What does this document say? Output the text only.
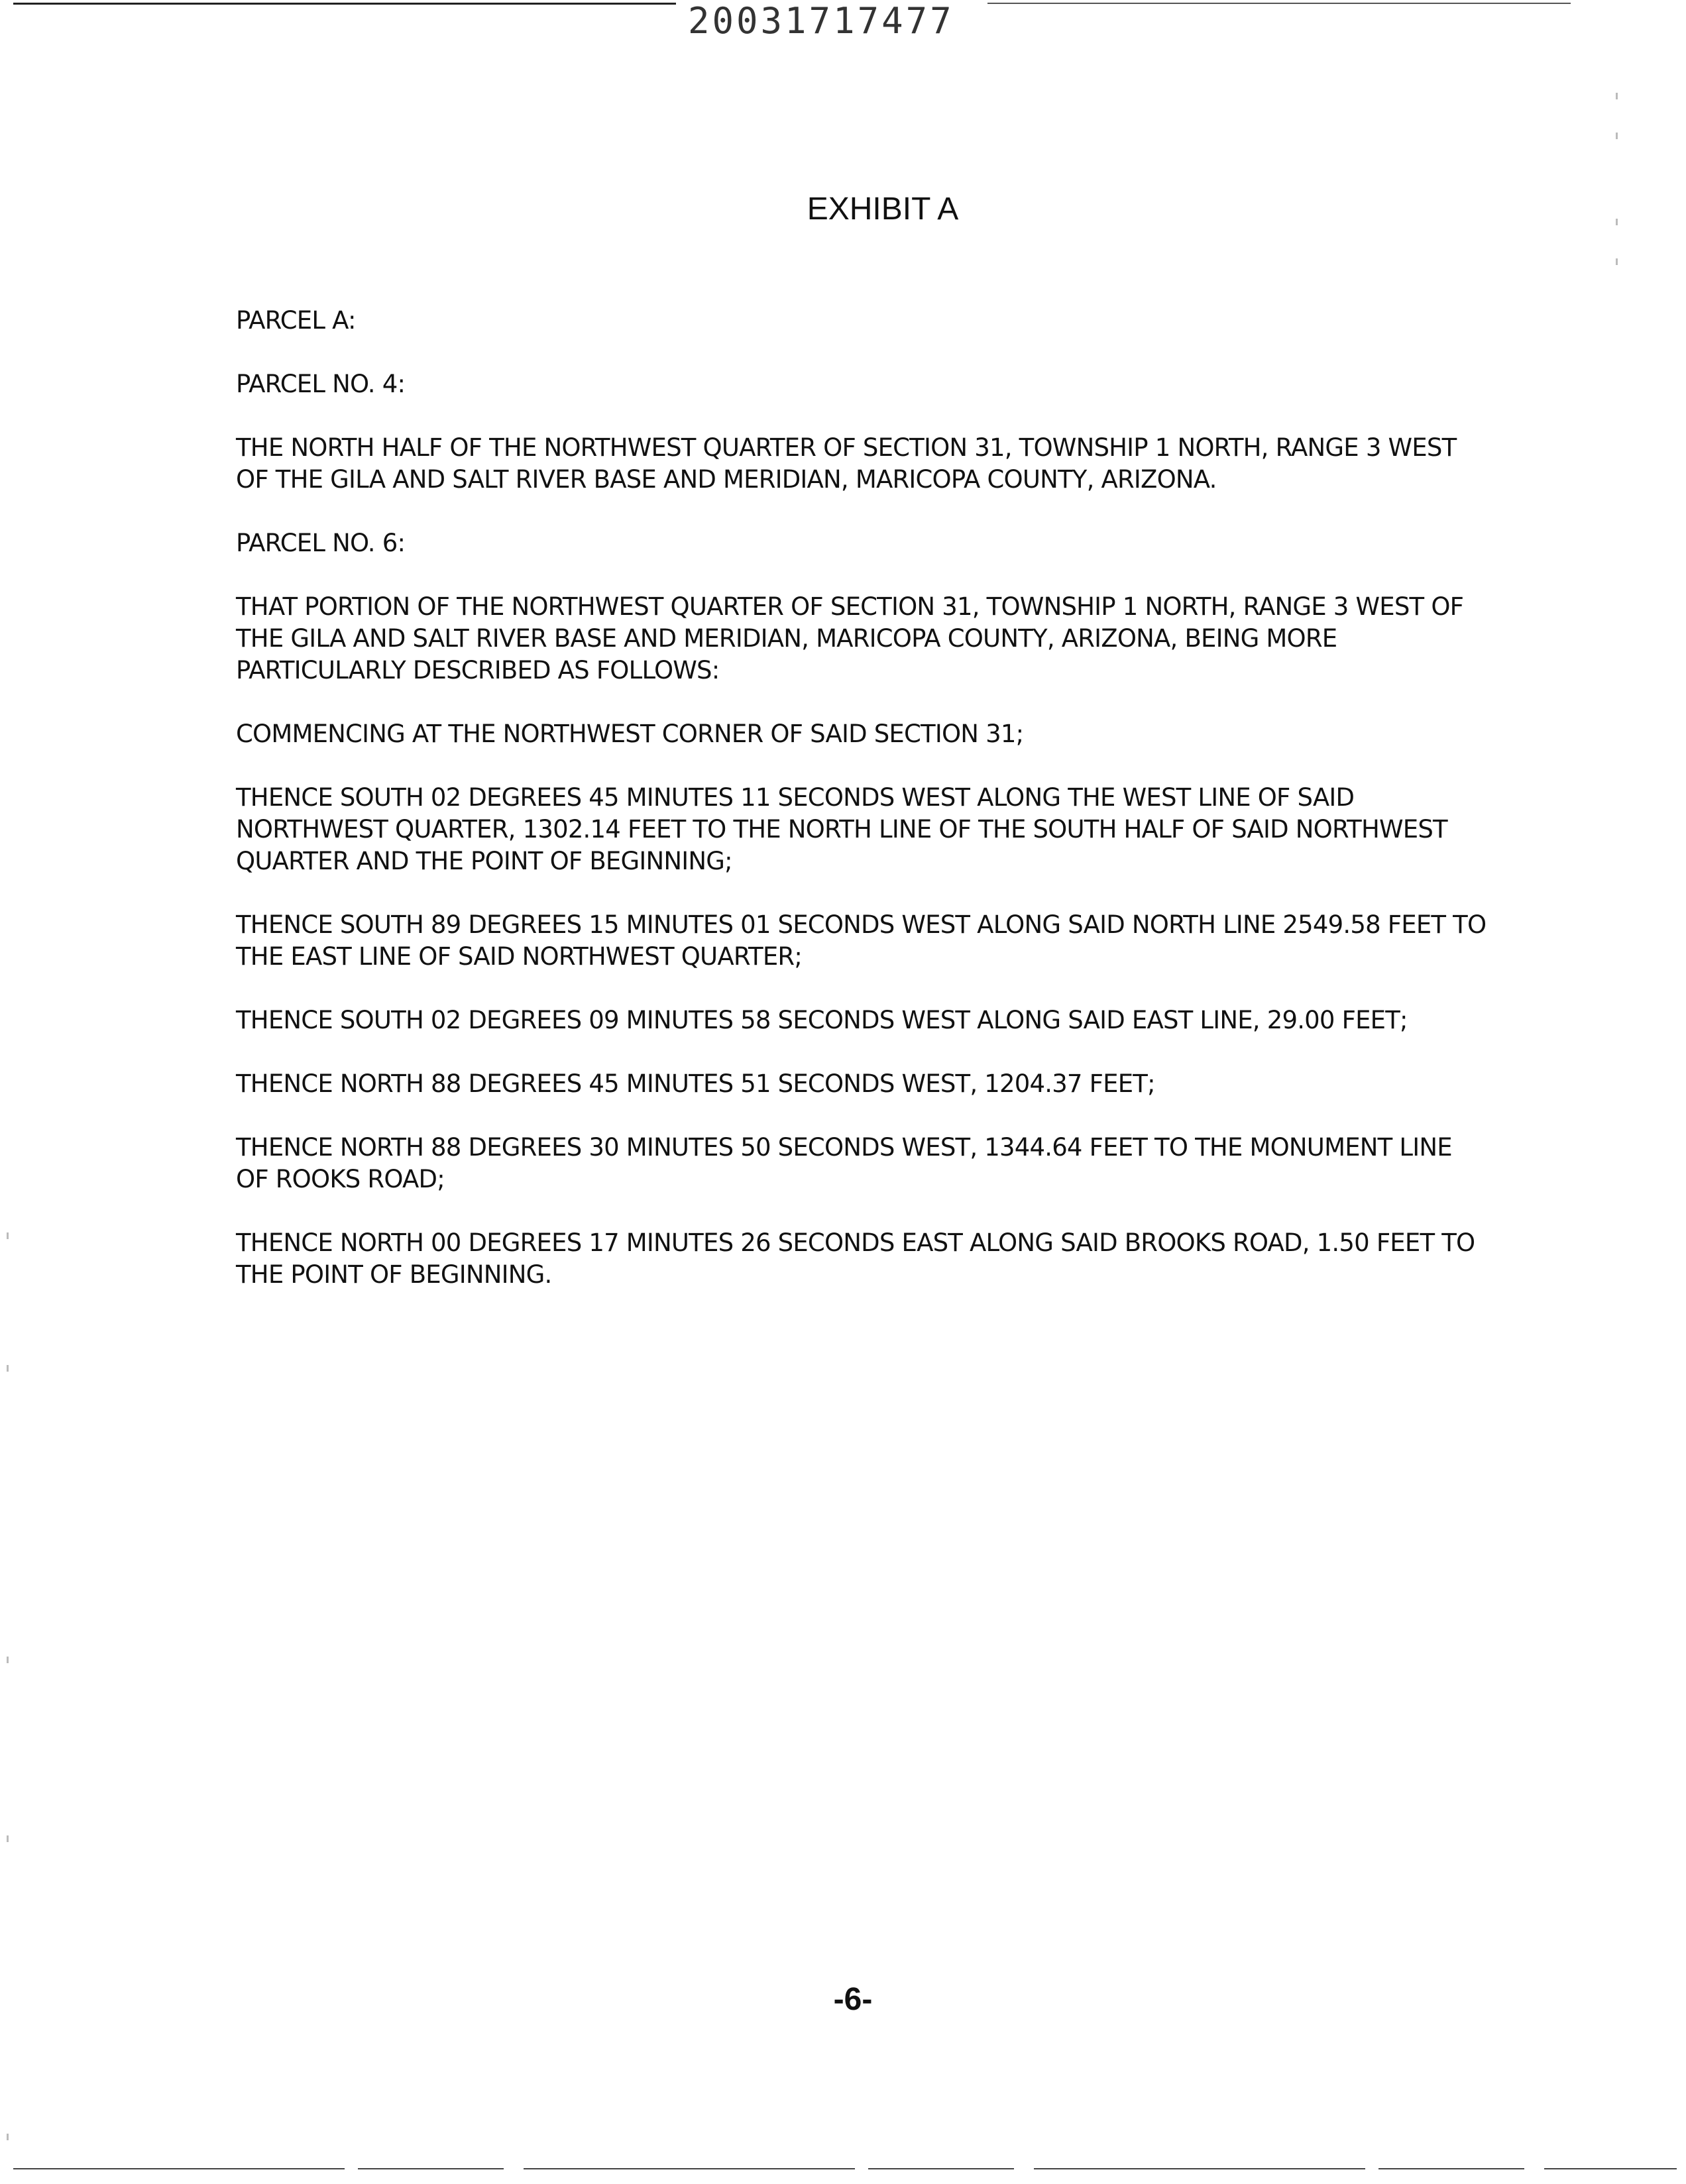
20031717477
EXHIBIT A

PARCEL A:

PARCEL NO. 4:

THE NORTH HALF OF THE NORTHWEST QUARTER OF SECTION 31, TOWNSHIP 1 NORTH, RANGE 3 WEST OF THE GILA AND SALT RIVER BASE AND MERIDIAN, MARICOPA COUNTY, ARIZONA.

PARCEL NO. 6:

THAT PORTION OF THE NORTHWEST QUARTER OF SECTION 31, TOWNSHIP 1 NORTH, RANGE 3 WEST OF THE GILA AND SALT RIVER BASE AND MERIDIAN, MARICOPA COUNTY, ARIZONA, BEING MORE PARTICULARLY DESCRIBED AS FOLLOWS:

COMMENCING AT THE NORTHWEST CORNER OF SAID SECTION 31;

THENCE SOUTH 02 DEGREES 45 MINUTES 11 SECONDS WEST ALONG THE WEST LINE OF SAID NORTHWEST QUARTER, 1302.14 FEET TO THE NORTH LINE OF THE SOUTH HALF OF SAID NORTHWEST QUARTER AND THE POINT OF BEGINNING;

THENCE SOUTH 89 DEGREES 15 MINUTES 01 SECONDS WEST ALONG SAID NORTH LINE 2549.58 FEET TO THE EAST LINE OF SAID NORTHWEST QUARTER;

THENCE SOUTH 02 DEGREES 09 MINUTES 58 SECONDS WEST ALONG SAID EAST LINE, 29.00 FEET;

THENCE NORTH 88 DEGREES 45 MINUTES 51 SECONDS WEST, 1204.37 FEET;

THENCE NORTH 88 DEGREES 30 MINUTES 50 SECONDS WEST, 1344.64 FEET TO THE MONUMENT LINE OF ROOKS ROAD;

THENCE NORTH 00 DEGREES 17 MINUTES 26 SECONDS EAST ALONG SAID BROOKS ROAD, 1.50 FEET TO THE POINT OF BEGINNING.

-6-
